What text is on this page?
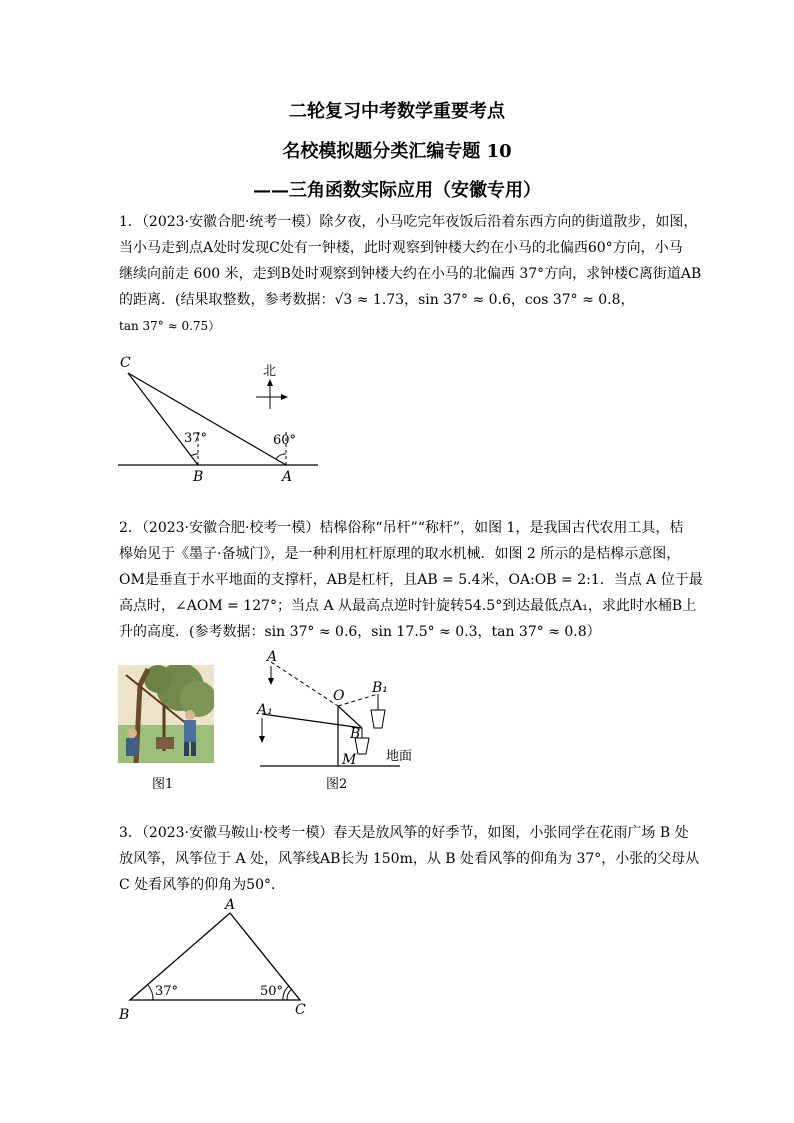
二轮复习中考数学重要考点
名校模拟题分类汇编专题 10
——三角函数实际应用（安徽专用）
1．（2023·安徽合肥·统考一模）除夕夜，小马吃完年夜饭后沿着东西方向的街道散步，如图，
当小马走到点A处时发现C处有一钟楼，此时观察到钟楼大约在小马的北偏西60°方向，小马
继续向前走 600 米，走到B处时观察到钟楼大约在小马的北偏西 37°方向，求钟楼C离街道AB
的距离．(结果取整数，参考数据：√3 ≈ 1.73，sin 37° ≈ 0.6，cos 37° ≈ 0.8，
tan 37° ≈ 0.75）
C
B	A
37°	60°
北
2．（2023·安徽合肥·校考一模）桔槔俗称“吊杆”“称杆”，如图 1，是我国古代农用工具，桔
槔始见于《墨子·备城门》，是一种利用杠杆原理的取水机械．如图 2 所示的是桔槔示意图，
OM是垂直于水平地面的支撑杆，AB是杠杆，且AB = 5.4米，OA:OB = 2:1．当点 A 位于最
高点时，∠AOM = 127°；当点 A 从最高点逆时针旋转54.5°到达最低点A₁，求此时水桶B上
升的高度．(参考数据：sin 37° ≈ 0.6，sin 17.5° ≈ 0.3，tan 37° ≈ 0.8）
图1
A
A₁
O B₁
B
M 地面
图2
3．（2023·安徽马鞍山·校考一模）春天是放风筝的好季节，如图，小张同学在花雨广场 B 处
放风筝，风筝位于 A 处，风筝线AB长为 150m，从 B 处看风筝的仰角为 37°，小张的父母从
C 处看风筝的仰角为50°．
A
B	C
37°	50°
